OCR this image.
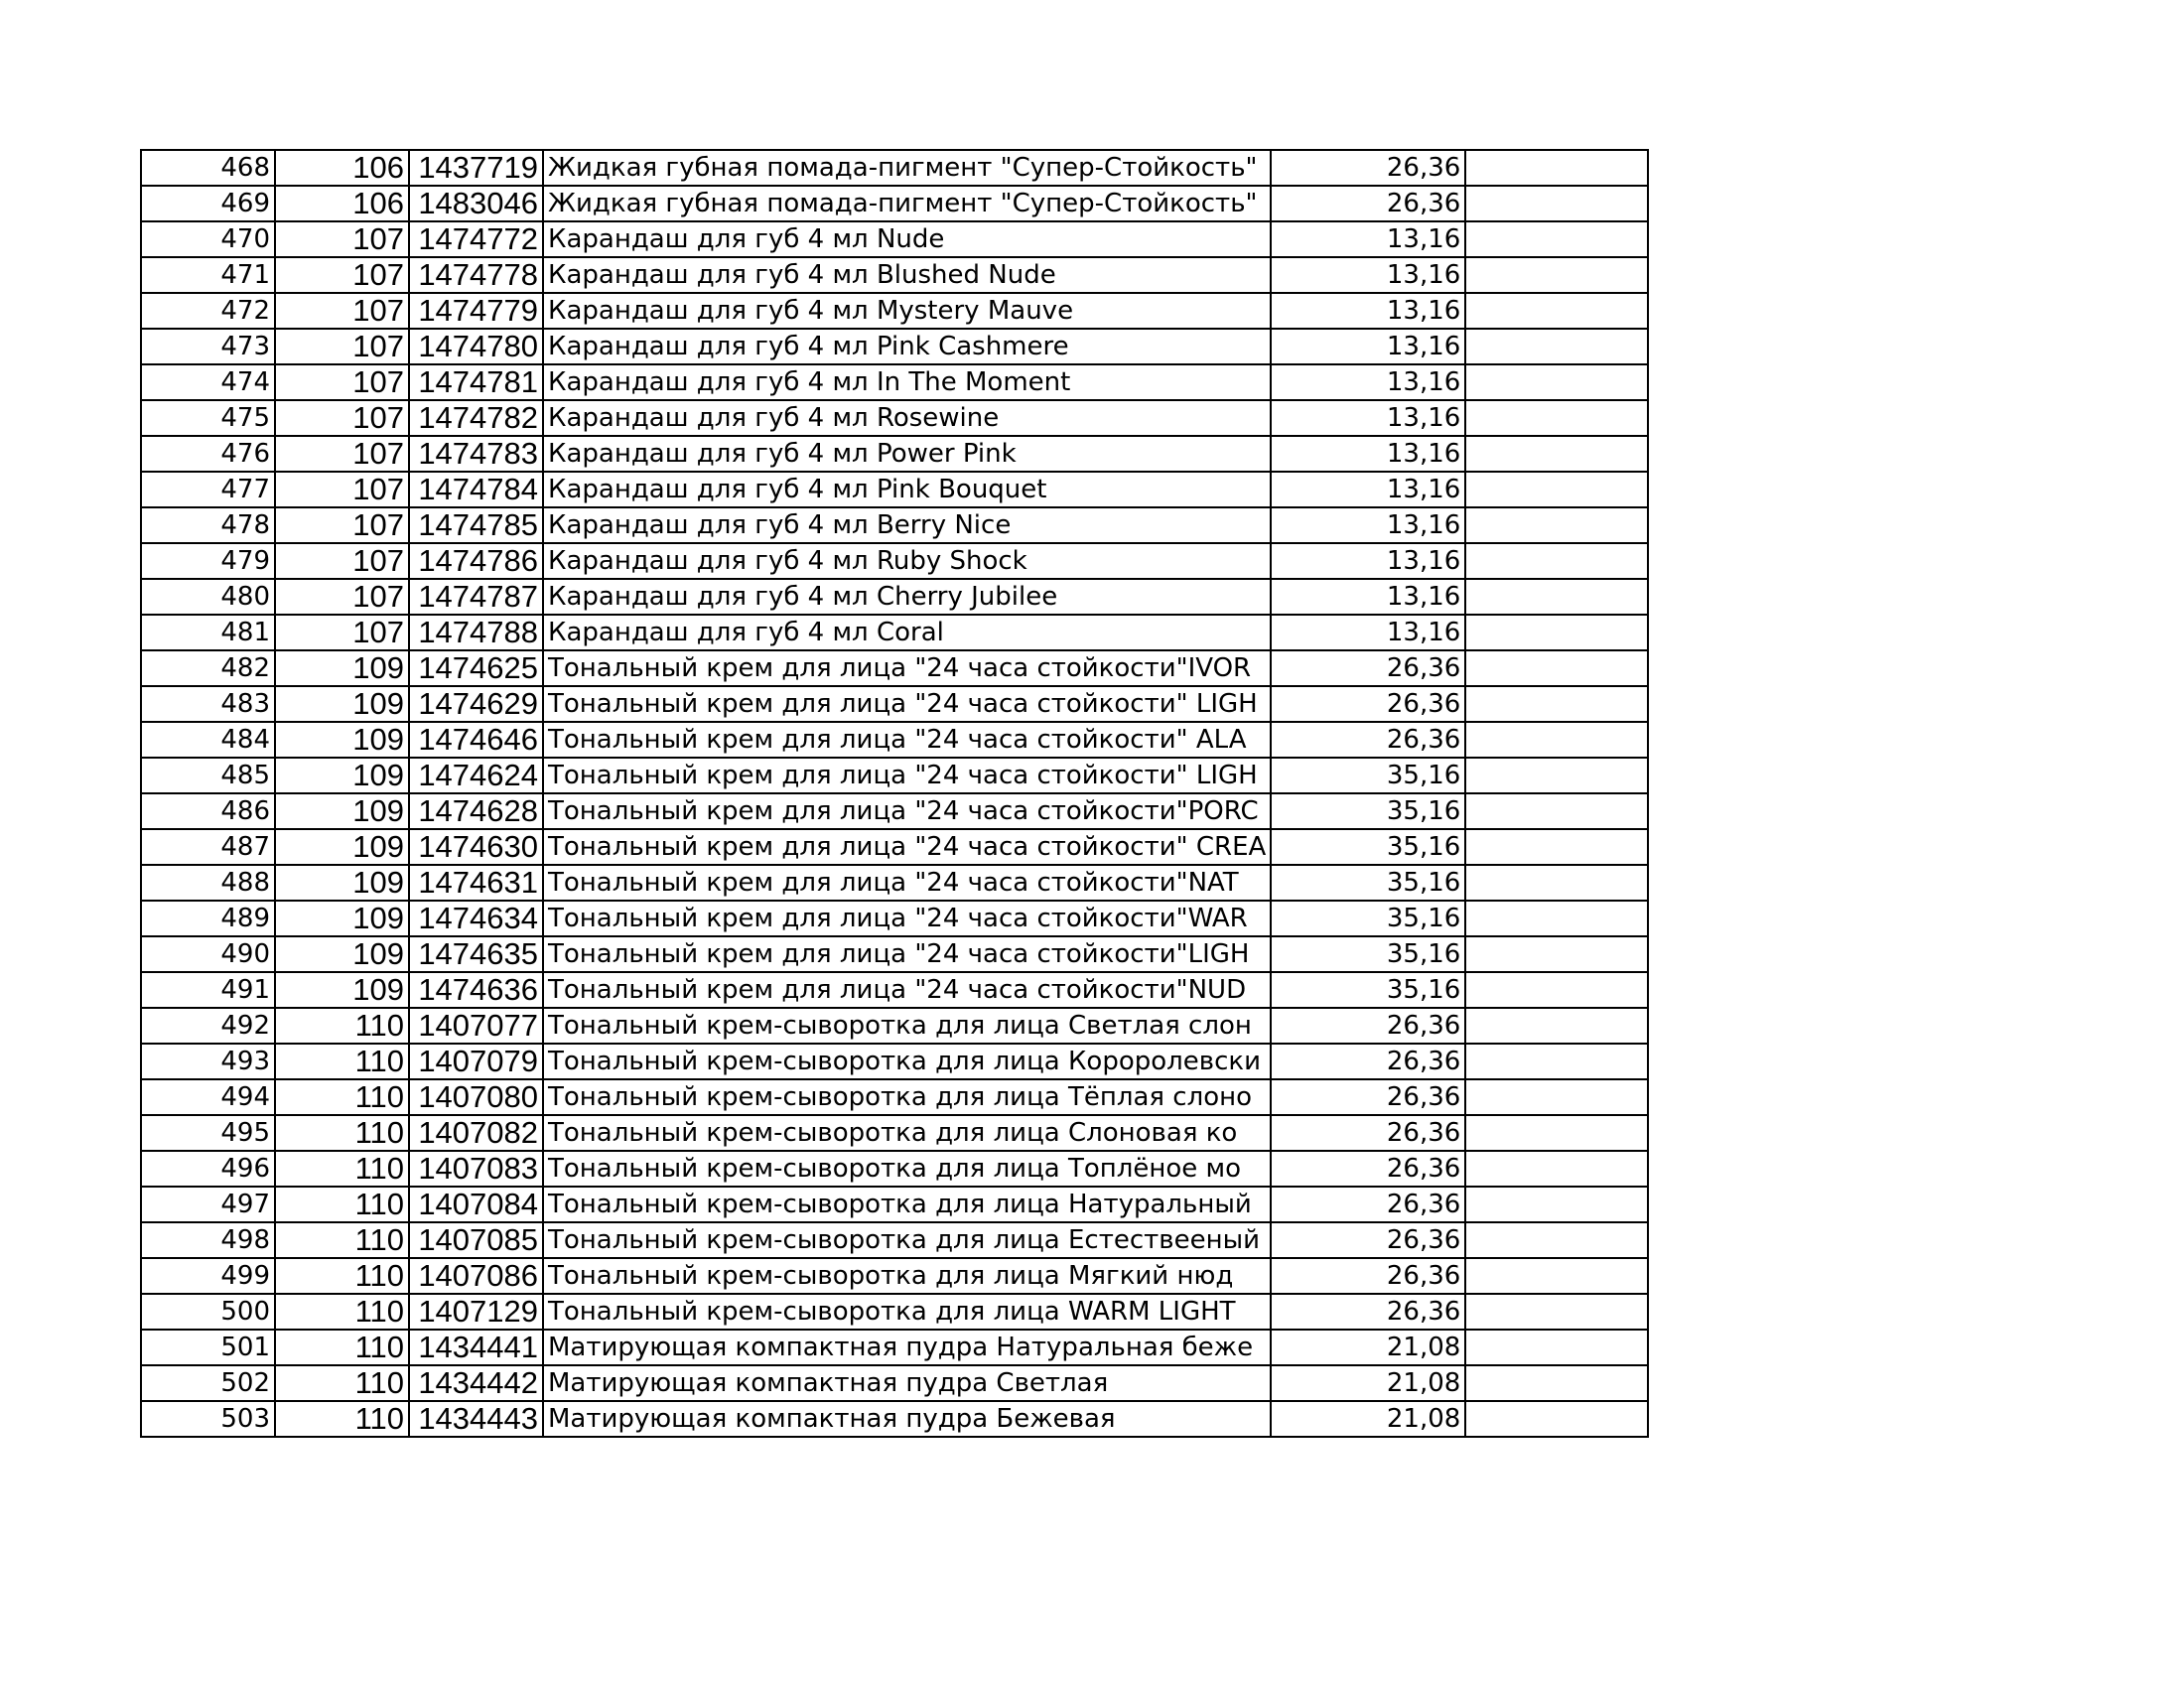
468	106	1437719	Жидкая губная помада-пигмент "Супер-Стойкость"	26,36	
469	106	1483046	Жидкая губная помада-пигмент "Супер-Стойкость"	26,36	
470	107	1474772	Карандаш для губ 4 мл Nude	13,16	
471	107	1474778	Карандаш для губ 4 мл Blushed Nude	13,16	
472	107	1474779	Карандаш для губ 4 мл Mystery Mauve	13,16	
473	107	1474780	Карандаш для губ 4 мл Pink Cashmere	13,16	
474	107	1474781	Карандаш для губ 4 мл In The Moment	13,16	
475	107	1474782	Карандаш для губ 4 мл Rosewine	13,16	
476	107	1474783	Карандаш для губ 4 мл Power Pink	13,16	
477	107	1474784	Карандаш для губ 4 мл Pink Bouquet	13,16	
478	107	1474785	Карандаш для губ 4 мл Berry Nice	13,16	
479	107	1474786	Карандаш для губ 4 мл Ruby Shock	13,16	
480	107	1474787	Карандаш для губ 4 мл Cherry Jubilee	13,16	
481	107	1474788	Карандаш для губ 4 мл Coral	13,16	
482	109	1474625	Тональный крем для лица "24 часа стойкости"IVOR	26,36	
483	109	1474629	Тональный крем для лица "24 часа стойкости" LIGH	26,36	
484	109	1474646	Тональный крем для лица "24 часа стойкости" ALA	26,36	
485	109	1474624	Тональный крем для лица "24 часа стойкости" LIGH	35,16	
486	109	1474628	Тональный крем для лица "24 часа стойкости"PORC	35,16	
487	109	1474630	Тональный крем для лица "24 часа стойкости" CREA	35,16	
488	109	1474631	Тональный крем для лица "24 часа стойкости"NAT	35,16	
489	109	1474634	Тональный крем для лица "24 часа стойкости"WAR	35,16	
490	109	1474635	Тональный крем для лица "24 часа стойкости"LIGH	35,16	
491	109	1474636	Тональный крем для лица "24 часа стойкости"NUD	35,16	
492	110	1407077	Тональный крем-сыворотка для лица Светлая слон	26,36	
493	110	1407079	Тональный крем-сыворотка для лица Короролевски	26,36	
494	110	1407080	Тональный крем-сыворотка для лица Тёплая слоно	26,36	
495	110	1407082	Тональный крем-сыворотка для лица Слоновая ко	26,36	
496	110	1407083	Тональный крем-сыворотка для лица Топлёное мо	26,36	
497	110	1407084	Тональный крем-сыворотка для лица Натуральный	26,36	
498	110	1407085	Тональный крем-сыворотка для лица Естествееный	26,36	
499	110	1407086	Тональный крем-сыворотка для лица Мягкий нюд	26,36	
500	110	1407129	Тональный крем-сыворотка для лица WARM LIGHT	26,36	
501	110	1434441	Матирующая компактная пудра Натуральная беже	21,08	
502	110	1434442	Матирующая компактная пудра Светлая	21,08	
503	110	1434443	Матирующая компактная пудра Бежевая	21,08	
